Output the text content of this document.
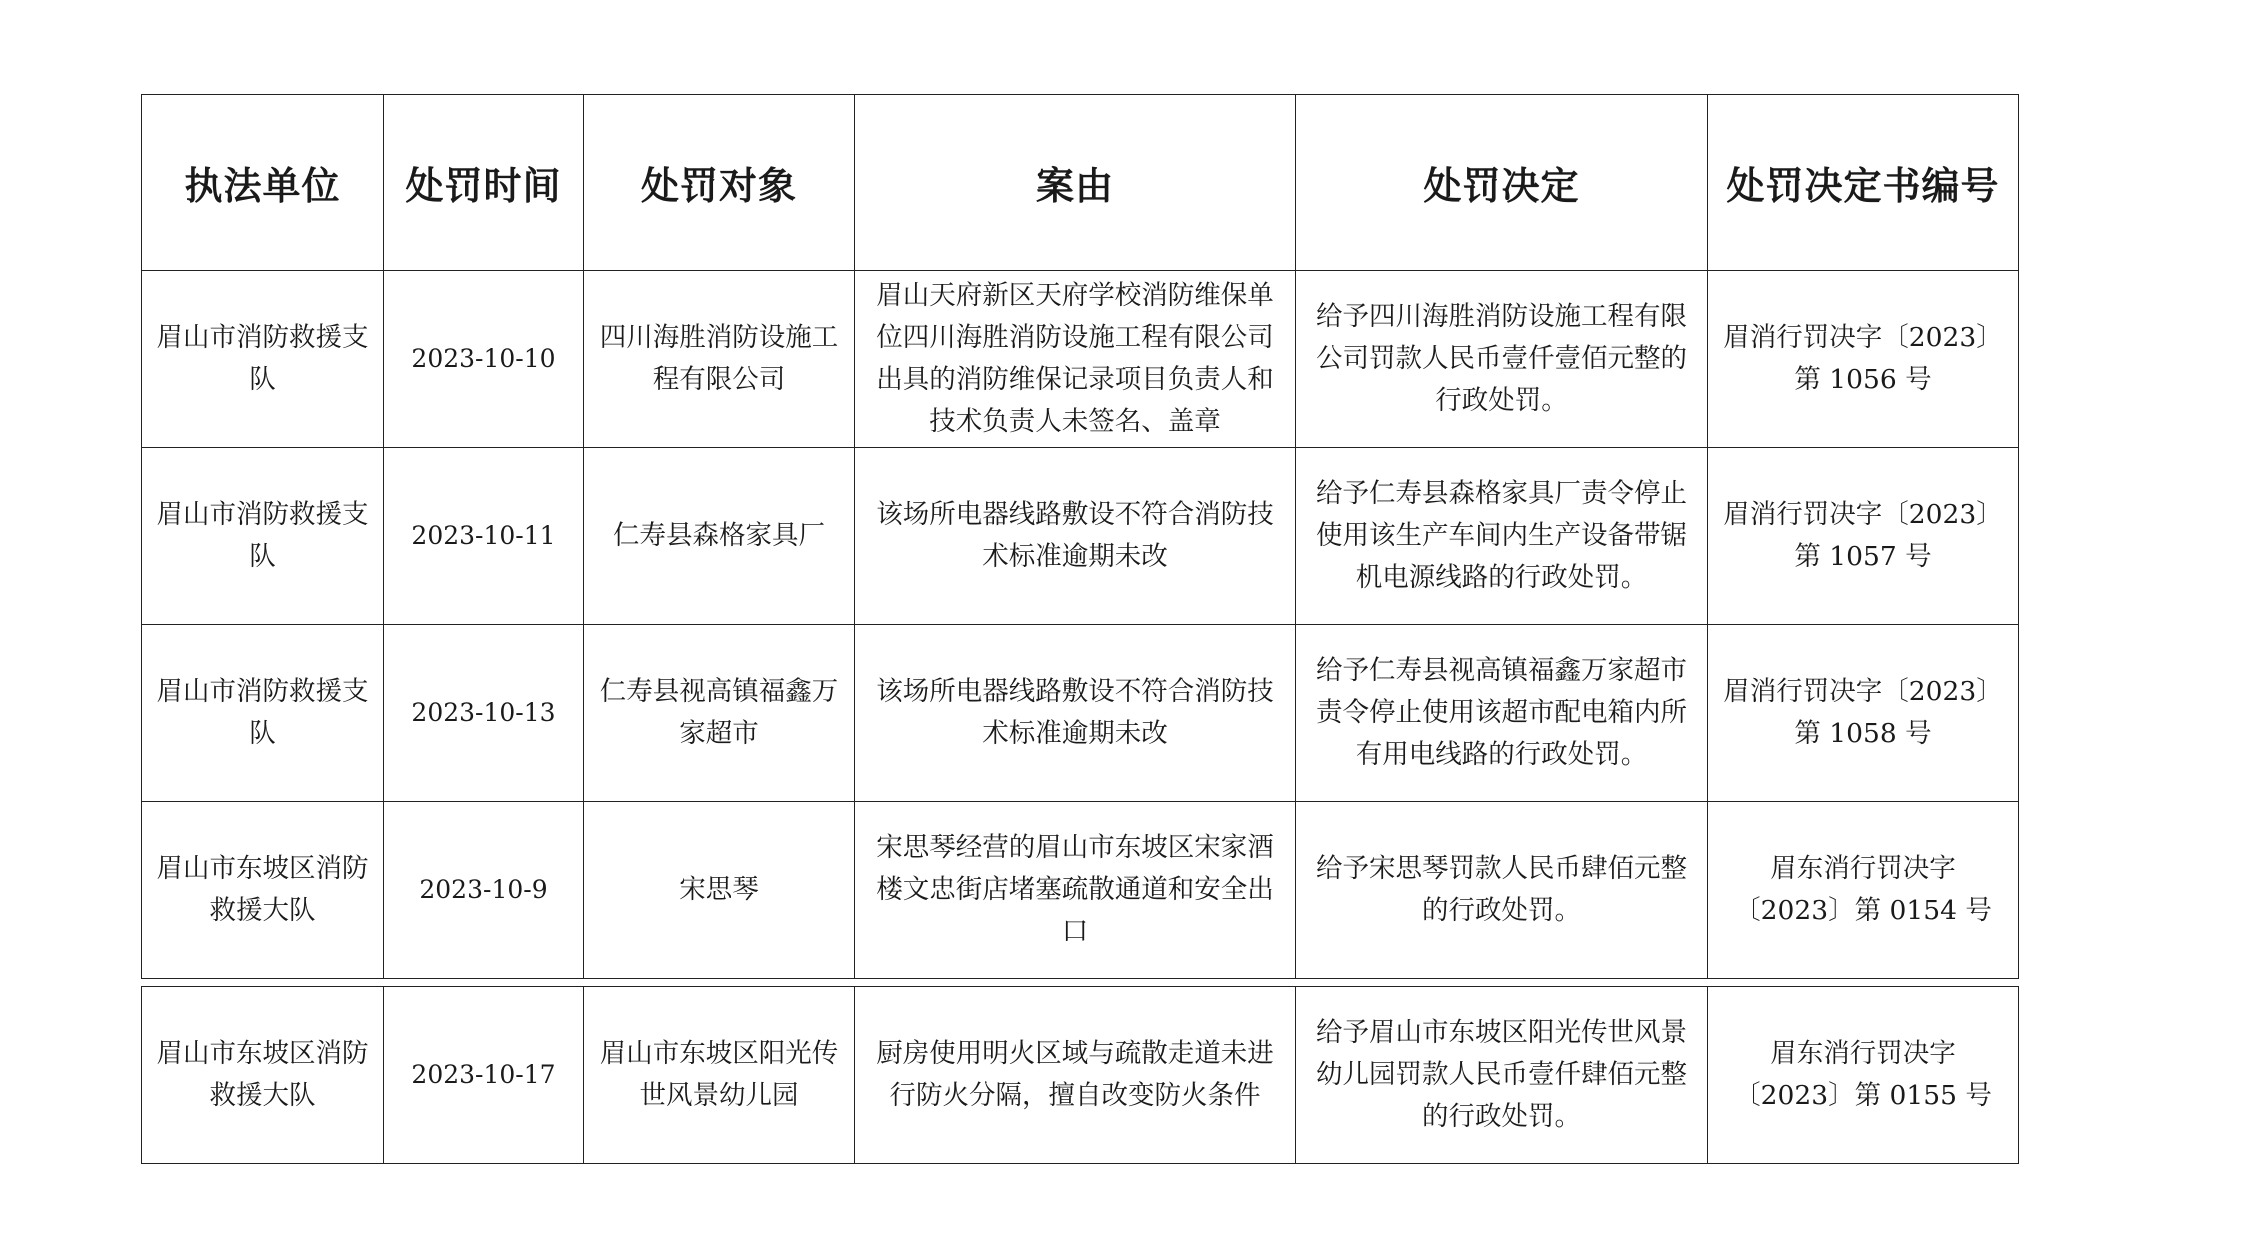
执法单位	处罚时间	处罚对象	案由	处罚决定	处罚决定书编号
眉山市消防救援支队	2023-10-10	四川海胜消防设施工程有限公司	眉山天府新区天府学校消防维保单位四川海胜消防设施工程有限公司出具的消防维保记录项目负责人和技术负责人未签名、盖章	给予四川海胜消防设施工程有限公司罚款人民币壹仟壹佰元整的行政处罚。	眉消行罚决字〔2023〕第 1056 号
眉山市消防救援支队	2023-10-11	仁寿县森格家具厂	该场所电器线路敷设不符合消防技术标准逾期未改	给予仁寿县森格家具厂责令停止使用该生产车间内生产设备带锯机电源线路的行政处罚。	眉消行罚决字〔2023〕第 1057 号
眉山市消防救援支队	2023-10-13	仁寿县视高镇福鑫万家超市	该场所电器线路敷设不符合消防技术标准逾期未改	给予仁寿县视高镇福鑫万家超市责令停止使用该超市配电箱内所有用电线路的行政处罚。	眉消行罚决字〔2023〕第 1058 号
眉山市东坡区消防救援大队	2023-10-9	宋思琴	宋思琴经营的眉山市东坡区宋家酒楼文忠街店堵塞疏散通道和安全出口	给予宋思琴罚款人民币肆佰元整的行政处罚。	眉东消行罚决字〔2023〕第 0154 号

眉山市东坡区消防救援大队	2023-10-17	眉山市东坡区阳光传世风景幼儿园	厨房使用明火区域与疏散走道未进行防火分隔，擅自改变防火条件	给予眉山市东坡区阳光传世风景幼儿园罚款人民币壹仟肆佰元整的行政处罚。	眉东消行罚决字〔2023〕第 0155 号
